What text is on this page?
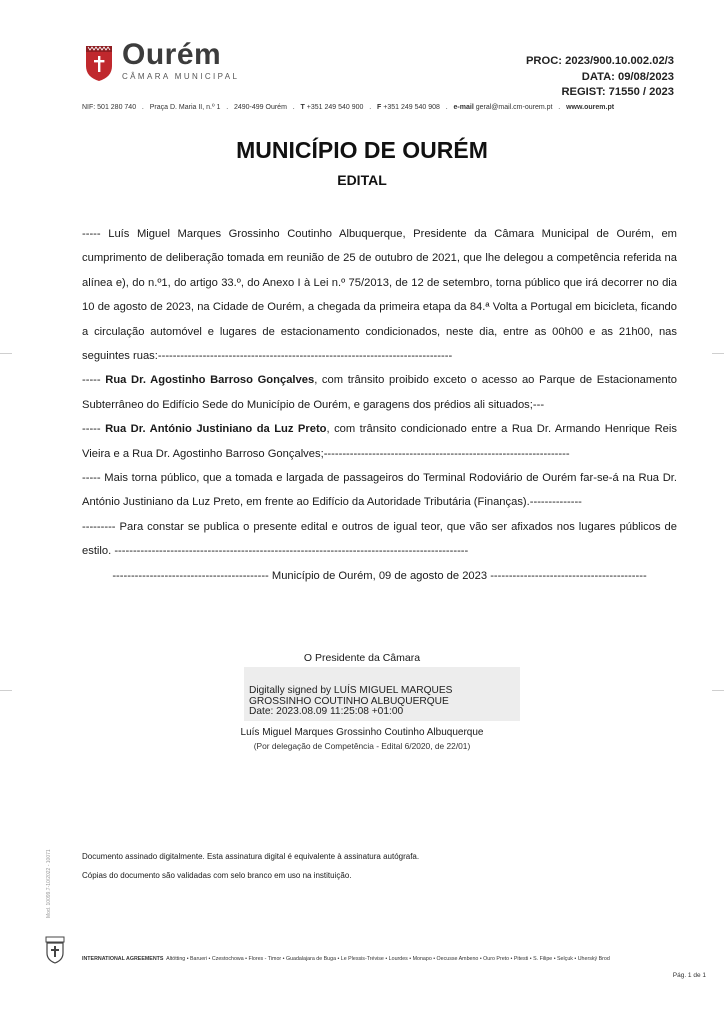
Ourém
CÂMARA MUNICIPAL
PROC: 2023/900.10.002.02/3
DATA: 09/08/2023
REGIST: 71550 / 2023
NIF: 501 280 740   .   Praça D. Maria II, n.º 1   .   2490-499 Ourém   .   T +351 249 540 900   .   F +351 249 540 908   .   e-mail geral@mail.cm-ourem.pt   .   www.ourem.pt
MUNICÍPIO DE OURÉM
EDITAL

----- Luís Miguel Marques Grossinho Coutinho Albuquerque, Presidente da Câmara Municipal de Ourém, em cumprimento de deliberação tomada em reunião de 25 de outubro de 2021, que lhe delegou a competência referida na alínea e), do n.º1, do artigo 33.º, do Anexo I à Lei n.º 75/2013, de 12 de setembro, torna público que irá decorrer no dia 10 de agosto de 2023, na Cidade de Ourém, a chegada da primeira etapa da 84.ª Volta a Portugal em bicicleta, ficando a circulação automóvel e lugares de estacionamento condicionados, neste dia, entre as 00h00 e as 21h00, nas seguintes ruas:-------------------------------------------------------------------------------

----- Rua Dr. Agostinho Barroso Gonçalves, com trânsito proibido exceto o acesso ao Parque de Estacionamento Subterrâneo do Edifício Sede do Município de Ourém, e garagens dos prédios ali situados;---

----- Rua Dr. António Justiniano da Luz Preto, com trânsito condicionado entre a Rua Dr. Armando Henrique Reis Vieira e a Rua Dr. Agostinho Barroso Gonçalves;------------------------------------------------------------------

----- Mais torna público, que a tomada e largada de passageiros do Terminal Rodoviário de Ourém far-se-á na Rua Dr. António Justiniano da Luz Preto, em frente ao Edifício da Autoridade Tributária (Finanças).--------------

--------- Para constar se publica o presente edital e outros de igual teor, que vão ser afixados nos lugares públicos de estilo. -----------------------------------------------------------------------------------------------

------------------------------------------ Município de Ourém, 09 de agosto de 2023 ------------------------------------------

O Presidente da Câmara
Digitally signed by LUÍS MIGUEL MARQUES
GROSSINHO COUTINHO ALBUQUERQUE
Date: 2023.08.09 11:25:08 +01:00
Luís Miguel Marques Grossinho Coutinho Albuquerque
(Por delegação de Competência - Edital 6/2020, de 22/01)
Documento assinado digitalmente. Esta assinatura digital é equivalente à assinatura autógrafa.
Cópias do documento são validadas com selo branco em uso na instituição.
Mod. 10099.7-10/2022 - 10071
INTERNATIONAL AGREEMENTS Altötting • Barueri • Czestochowa • Flores - Timor • Guadalajara de Buga • Le Plessis-Trévise • Lourdes • Monapo • Oecusse Ambeno • Ouro Preto • Pitesti • S. Filipe • Selçuk • Uherský Brod
Pág. 1 de 1
